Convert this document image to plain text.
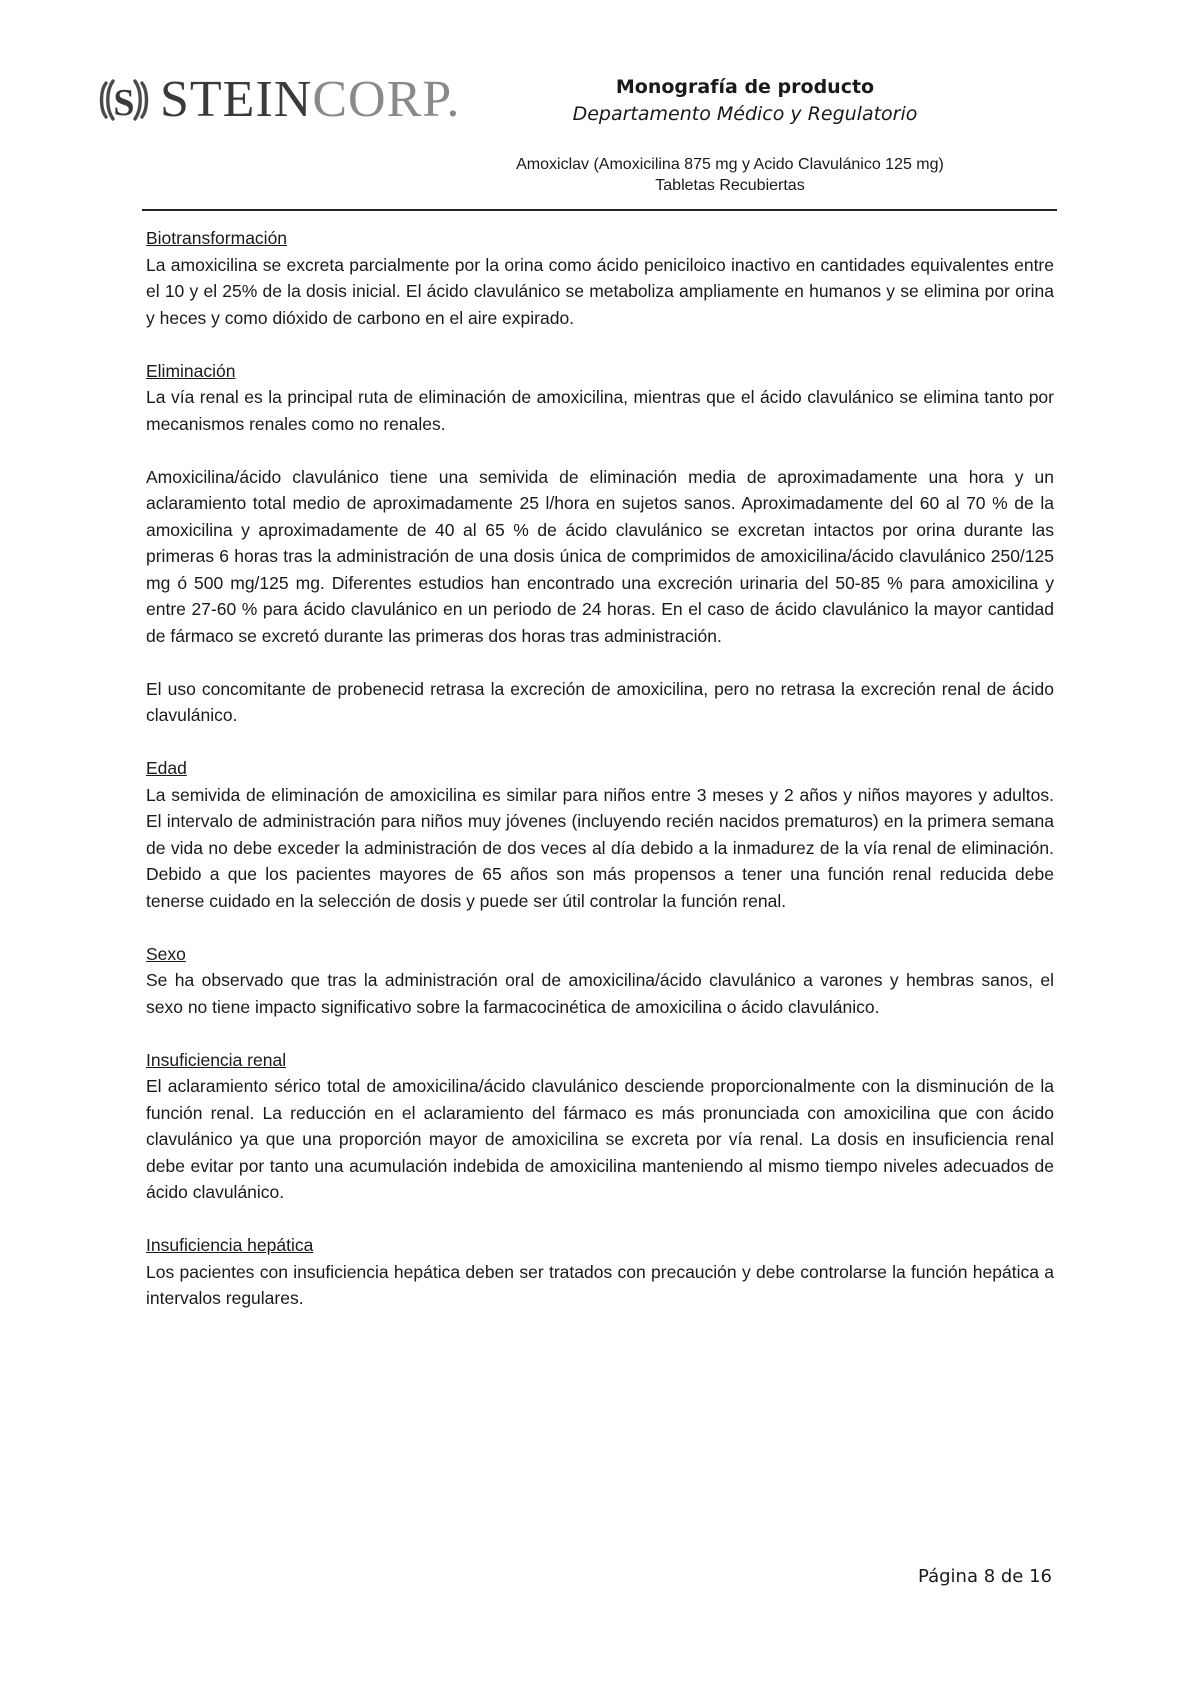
S STEINCORP.	Monografía de producto
Departamento Médico y Regulatorio
Amoxiclav (Amoxicilina 875 mg y Acido Clavulánico 125 mg)
Tabletas Recubiertas

Biotransformación

La amoxicilina se excreta parcialmente por la orina como ácido peniciloico inactivo en cantidades equivalentes entre el 10 y el 25% de la dosis inicial. El ácido clavulánico se metaboliza ampliamente en humanos y se elimina por orina y heces y como dióxido de carbono en el aire expirado.

Eliminación

La vía renal es la principal ruta de eliminación de amoxicilina, mientras que el ácido clavulánico se elimina tanto por mecanismos renales como no renales.

Amoxicilina/ácido clavulánico tiene una semivida de eliminación media de aproximadamente una hora y un aclaramiento total medio de aproximadamente 25 l/hora en sujetos sanos. Aproximadamente del 60 al 70 % de la amoxicilina y aproximadamente de 40 al 65 % de ácido clavulánico se excretan intactos por orina durante las primeras 6 horas tras la administración de una dosis única de comprimidos de amoxicilina/ácido clavulánico 250/125 mg ó 500 mg/125 mg. Diferentes estudios han encontrado una excreción urinaria del 50-85 % para amoxicilina y entre 27-60 % para ácido clavulánico en un periodo de 24 horas. En el caso de ácido clavulánico la mayor cantidad de fármaco se excretó durante las primeras dos horas tras administración.

El uso concomitante de probenecid retrasa la excreción de amoxicilina, pero no retrasa la excreción renal de ácido clavulánico.

Edad

La semivida de eliminación de amoxicilina es similar para niños entre 3 meses y 2 años y niños mayores y adultos. El intervalo de administración para niños muy jóvenes (incluyendo recién nacidos prematuros) en la primera semana de vida no debe exceder la administración de dos veces al día debido a la inmadurez de la vía renal de eliminación. Debido a que los pacientes mayores de 65 años son más propensos a tener una función renal reducida debe tenerse cuidado en la selección de dosis y puede ser útil controlar la función renal.

Sexo

Se ha observado que tras la administración oral de amoxicilina/ácido clavulánico a varones y hembras sanos, el sexo no tiene impacto significativo sobre la farmacocinética de amoxicilina o ácido clavulánico.

Insuficiencia renal

El aclaramiento sérico total de amoxicilina/ácido clavulánico desciende proporcionalmente con la disminución de la función renal. La reducción en el aclaramiento del fármaco es más pronunciada con amoxicilina que con ácido clavulánico ya que una proporción mayor de amoxicilina se excreta por vía renal. La dosis en insuficiencia renal debe evitar por tanto una acumulación indebida de amoxicilina manteniendo al mismo tiempo niveles adecuados de ácido clavulánico.

Insuficiencia hepática

Los pacientes con insuficiencia hepática deben ser tratados con precaución y debe controlarse la función hepática a intervalos regulares.

Página 8 de 16
